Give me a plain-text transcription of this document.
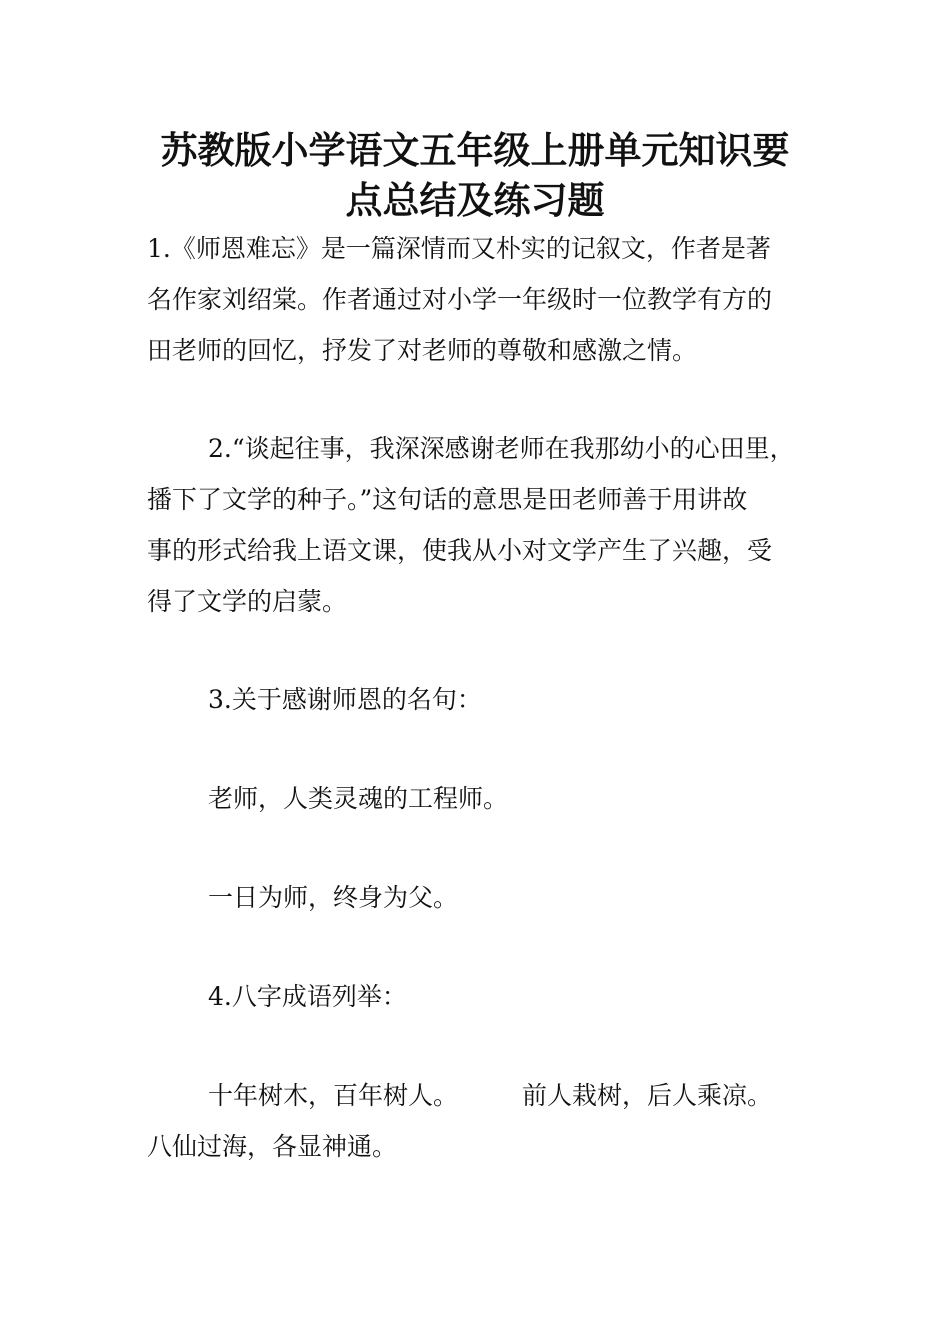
苏教版小学语文五年级上册单元知识要
点总结及练习题

1.《师恩难忘》是一篇深情而又朴实的记叙文，作者是著

名作家刘绍棠。作者通过对小学一年级时一位教学有方的

田老师的回忆，抒发了对老师的尊敬和感激之情。

2.“谈起往事，我深深感谢老师在我那幼小的心田里，

播下了文学的种子。”这句话的意思是田老师善于用讲故

事的形式给我上语文课，使我从小对文学产生了兴趣，受

得了文学的启蒙。

3.关于感谢师恩的名句：

老师，人类灵魂的工程师。

一日为师，终身为父。

4.八字成语列举：

十年树木，百年树人。	前人栽树，后人乘凉。

八仙过海，各显神通。
